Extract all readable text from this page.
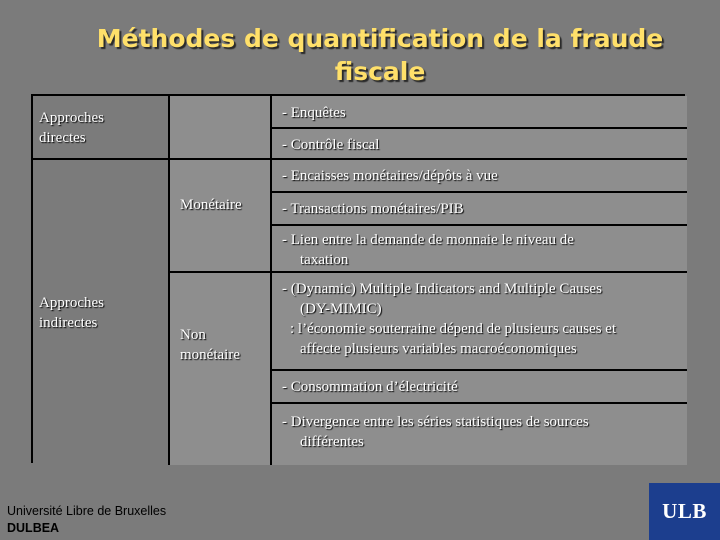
Méthodes de quantification de la fraude
fiscale
Approches
directes
- Enquêtes
- Contrôle fiscal
Approches
indirectes
Monétaire
- Encaisses monétaires/dépôts à vue
- Transactions monétaires/PIB
- Lien entre la demande de monnaie le niveau de
taxation
Non
monétaire
- (Dynamic) Multiple Indicators and Multiple Causes
(DY-MIMIC)
: l’économie souterraine dépend de plusieurs causes et
affecte plusieurs variables macroéconomiques
- Consommation d’électricité
- Divergence entre les séries statistiques de sources
différentes
Université Libre de Bruxelles
DULBEA
ULB
